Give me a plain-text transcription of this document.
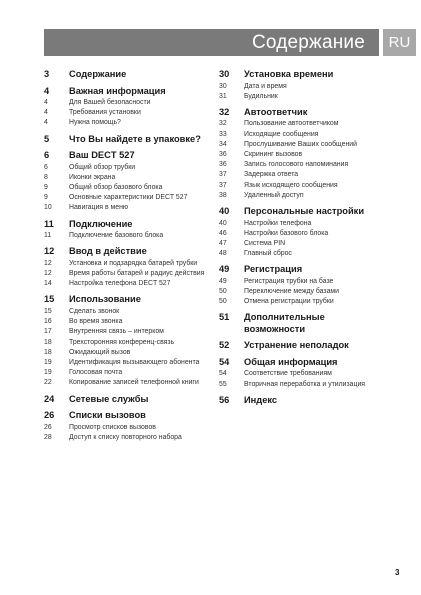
Содержание	RU
3 Содержание
4 Важная информация
4	Для Вашей безопасности
4	Требования установки
4	Нужна помощь?
5 Что Вы найдете в упаковке?
6 Ваш DECT 527
6	Общий обзор трубки
8	Иконки экрана
9	Общий обзор базового блока
9	Основные характеристики DECT 527
10	Навигация в меню
11 Подключение
11	Подключение базового блока
12 Ввод в действие
12	Установка и подзарядка батарей трубки
12	Время работы батарей и радиус действия
14	Настройка телефона DECT 527
15 Использование
15	Сделать звонок
16	Во время звонка
17	Внутренняя связь – интерком
18	Трехсторонняя конференц-связь
18	Ожидающий вызов
19	Идентификация вызывающего абонента
19	Голосовая почта
22	Копирование записей телефонной книги
24 Сетевые службы
26 Списки вызовов
26	Просмотр списков вызовов
28	Доступ к списку повторного набора
30 Установка времени
30	Дата и время
31	Будильник
32 Автоответчик
32	Пользование автоответчиком
33	Исходящие сообщения
34	Прослушивание Ваших сообщений
36	Скрининг вызовов
36	Запись голосового напоминания
37	Задержка ответа
37	Язык исходящего сообщения
38	Удаленный доступ
40 Персональные настройки
40	Настройки телефона
46	Настройки базового блока
47	Система PIN
48	Главный сброс
49 Регистрация
49	Регистрация трубки на базе
50	Переключение между базами
50	Отмена регистрации трубки
51 Дополнительные возможности
52 Устранение неполадок
54 Общая информация
54	Соответствие требованиям
55	Вторичная переработка и утилизация
56 Индекс
3
